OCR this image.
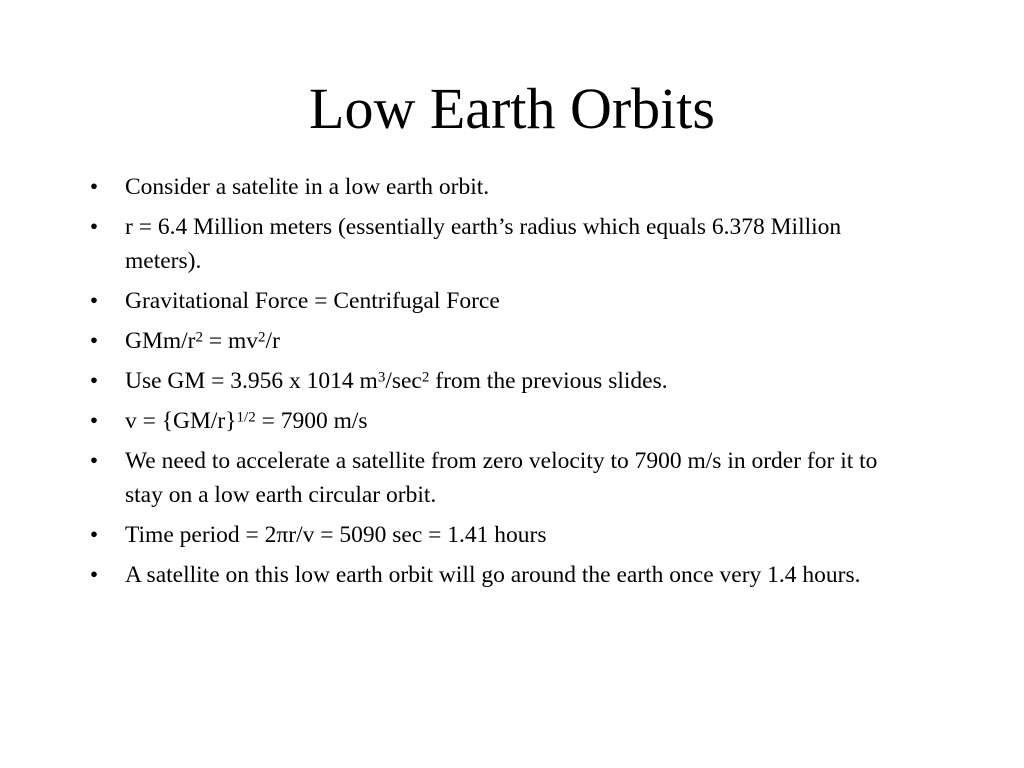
Low Earth Orbits
• Consider a satelite in a low earth orbit.
• r = 6.4 Million meters (essentially earth’s radius which equals 6.378 Million meters).
• Gravitational Force = Centrifugal Force
• GMm/$r^2 = mv^2/r$
• Use GM = 3.956 x 1014 $m^3/\sec^2$ from the previous slides.
• $v = \{GM/r\}^{1/2} = 7900$ m/s
• We need to accelerate a satellite from zero velocity to 7900 m/s in order for it to stay on a low earth circular orbit.
• Time period = 2πr/v = 5090 sec = 1.41 hours
• A satellite on this low earth orbit will go around the earth once very 1.4 hours.
